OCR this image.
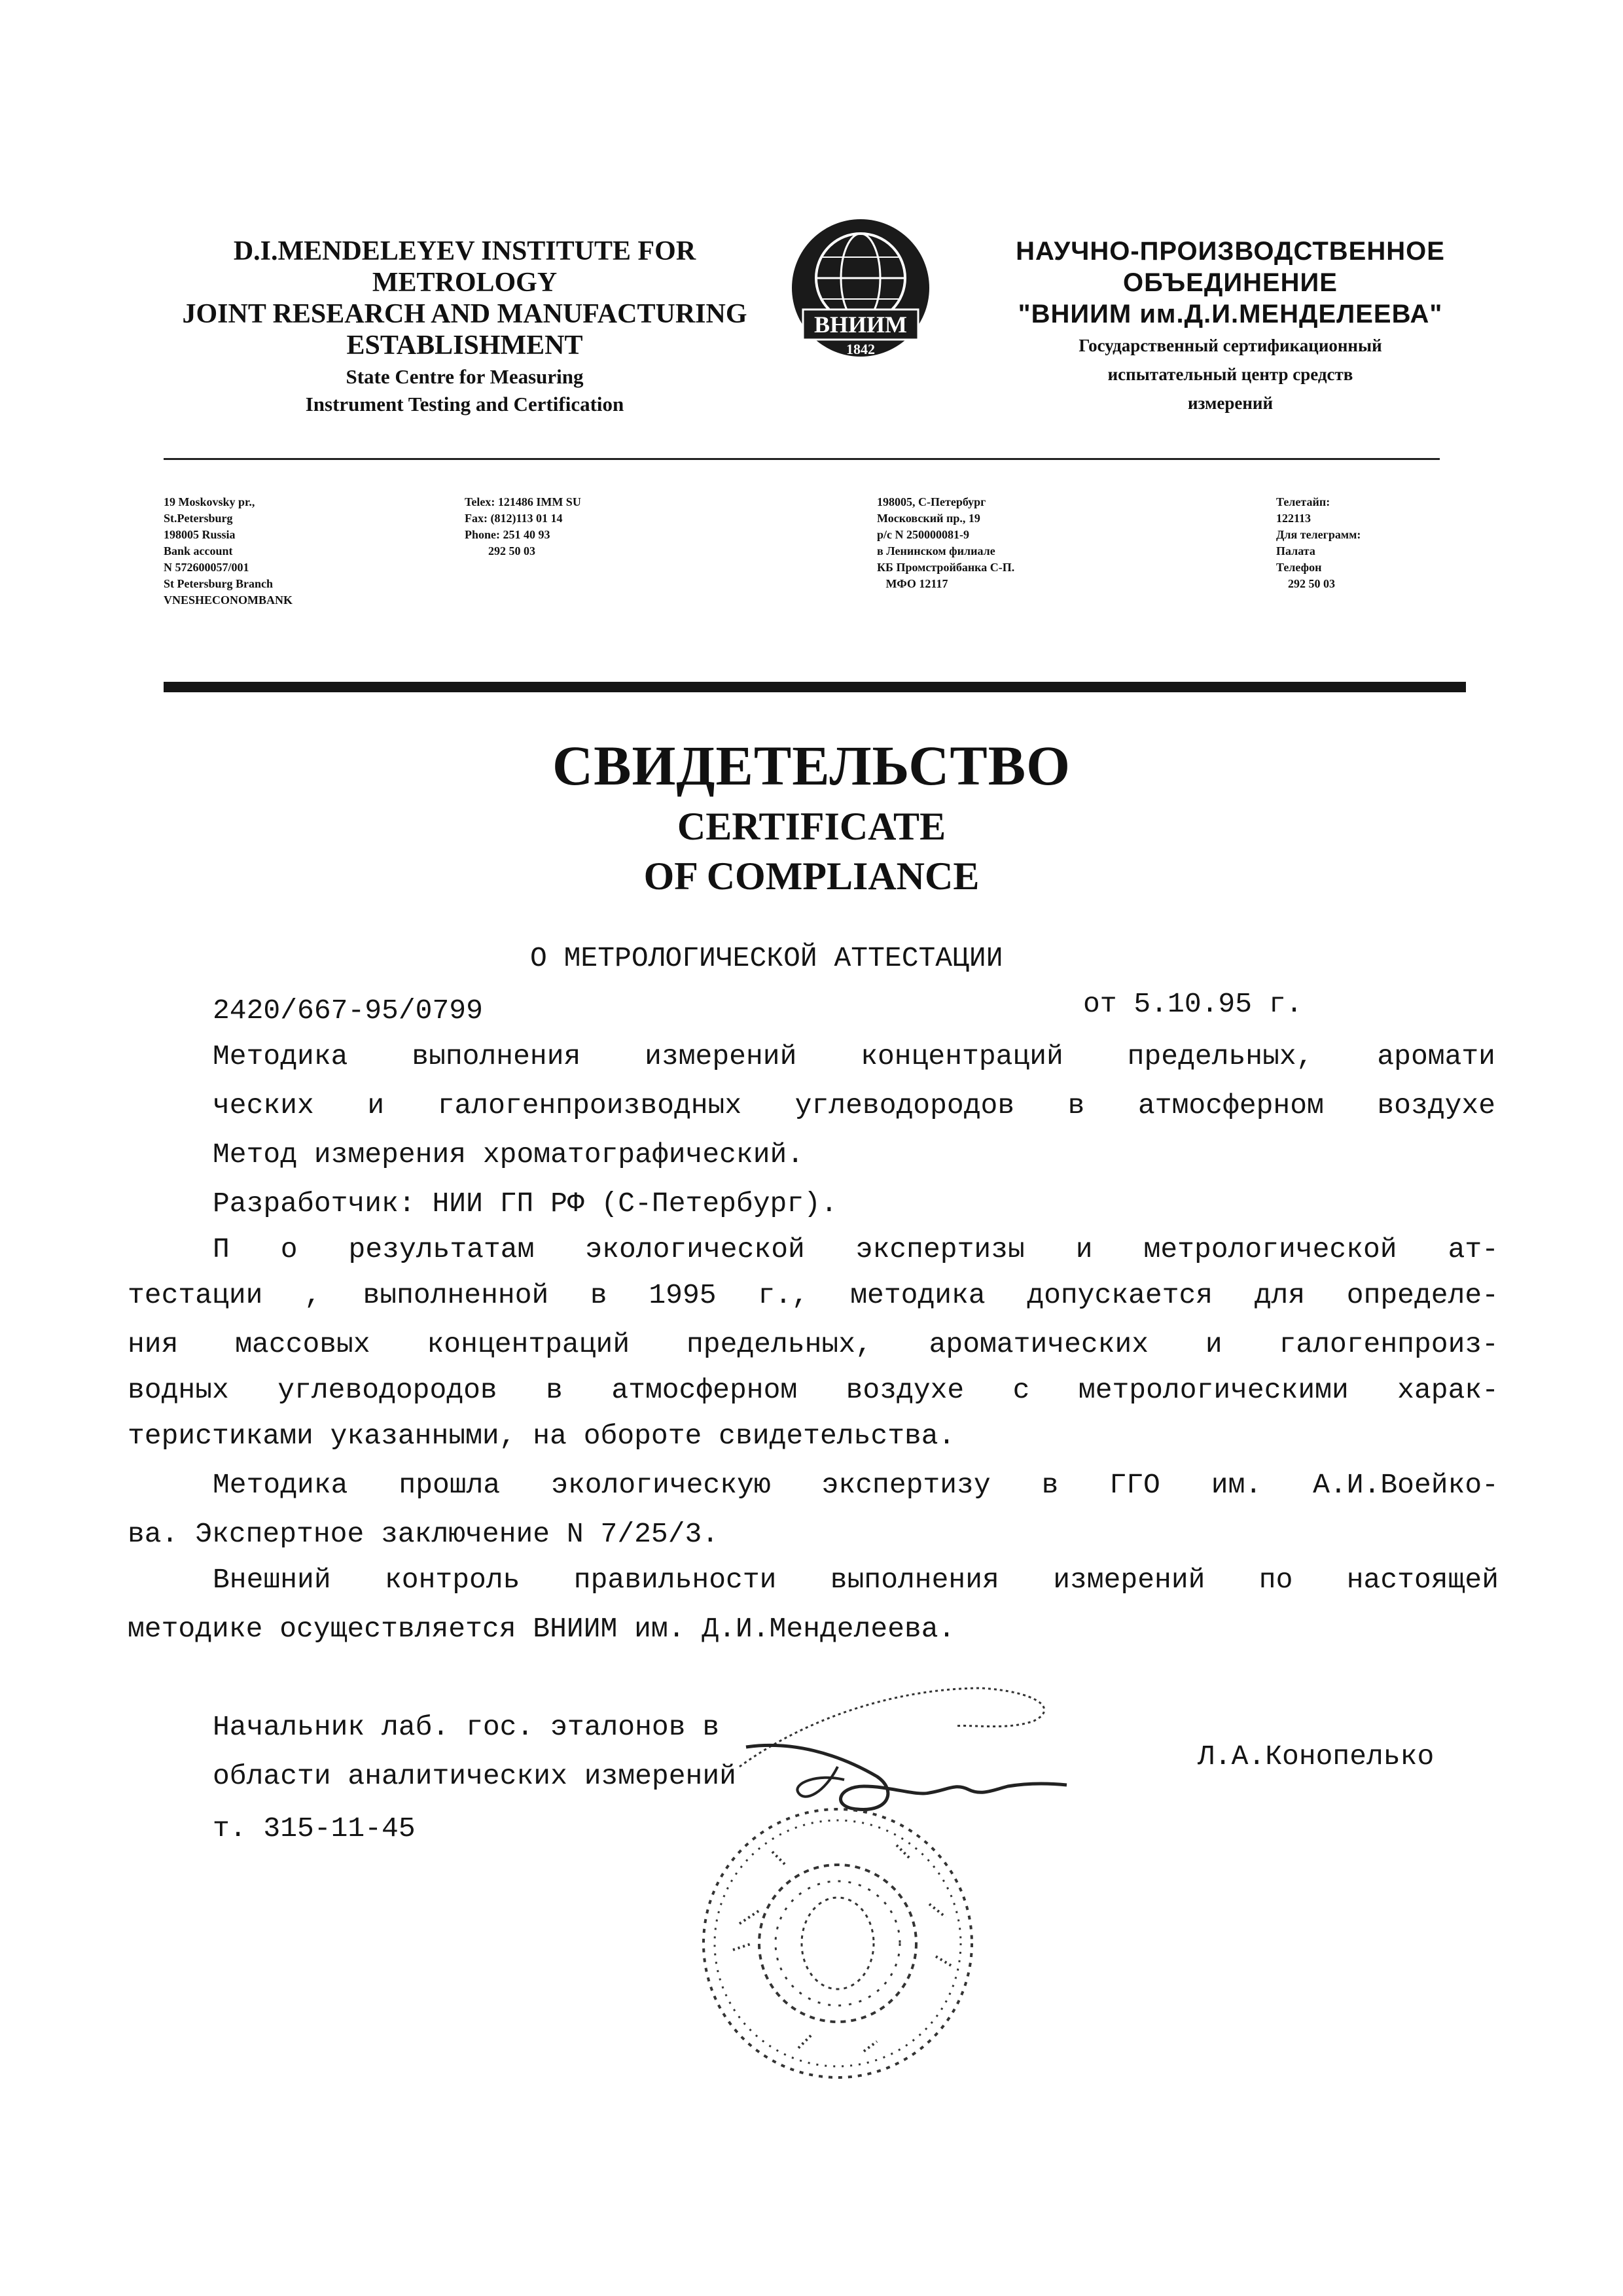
D.I.MENDELEYEV INSTITUTE FOR
METROLOGY
JOINT RESEARCH AND MANUFACTURING
ESTABLISHMENT
State Centre for Measuring
Instrument Testing and Certification
ВНИИМ
1842
НАУЧНО-ПРОИЗВОДСТВЕННОЕ
ОБЪЕДИНЕНИЕ
"ВНИИМ им.Д.И.МЕНДЕЛЕЕВА"
Государственный сертификационный
испытательный центр средств
измерений
19 Moskovsky pr.,
St.Petersburg
198005 Russia
Bank account
N 572600057/001
St Petersburg Branch
VNESHECONOMBANK
Telex: 121486 IMM SU
Fax: (812)113 01 14
Phone: 251 40 93
292 50 03
198005, С-Петербург
Московский пр., 19
р/с N 250000081-9
в Ленинском филиале
КБ Промстройбанка С-П.
МФО 12117
Телетайп:
122113
Для телеграмм:
Палата
Телефон
292 50 03
СВИДЕТЕЛЬСТВО
CERTIFICATE
OF COMPLIANCE
О МЕТРОЛОГИЧЕСКОЙ АТТЕСТАЦИИ
2420/667-95/0799	от 5.10.95 г.
Методика выполнения измерений концентраций предельных, аромати
ческих и галогенпроизводных углеводородов в атмосферном воздухе
Метод измерения хроматографический.
Разработчик: НИИ ГП РФ (С-Петербург).
П о результатам экологической экспертизы и метрологической ат-
тестации , выполненной в 1995 г., методика допускается для определе-
ния массовых концентраций предельных, ароматических и галогенпроиз-
водных углеводородов в атмосферном воздухе с метрологическими харак-
теристиками указанными, на обороте свидетельства.
Методика прошла экологическую экспертизу в ГГО им. А.И.Воейко-
ва. Экспертное заключение N 7/25/3.
Внешний контроль правильности выполнения измерений по настоящей
методике осуществляется ВНИИМ им. Д.И.Менделеева.
Начальник лаб. гос. эталонов в
области аналитических измерений
т. 315-11-45
Л.А.Конопелько
